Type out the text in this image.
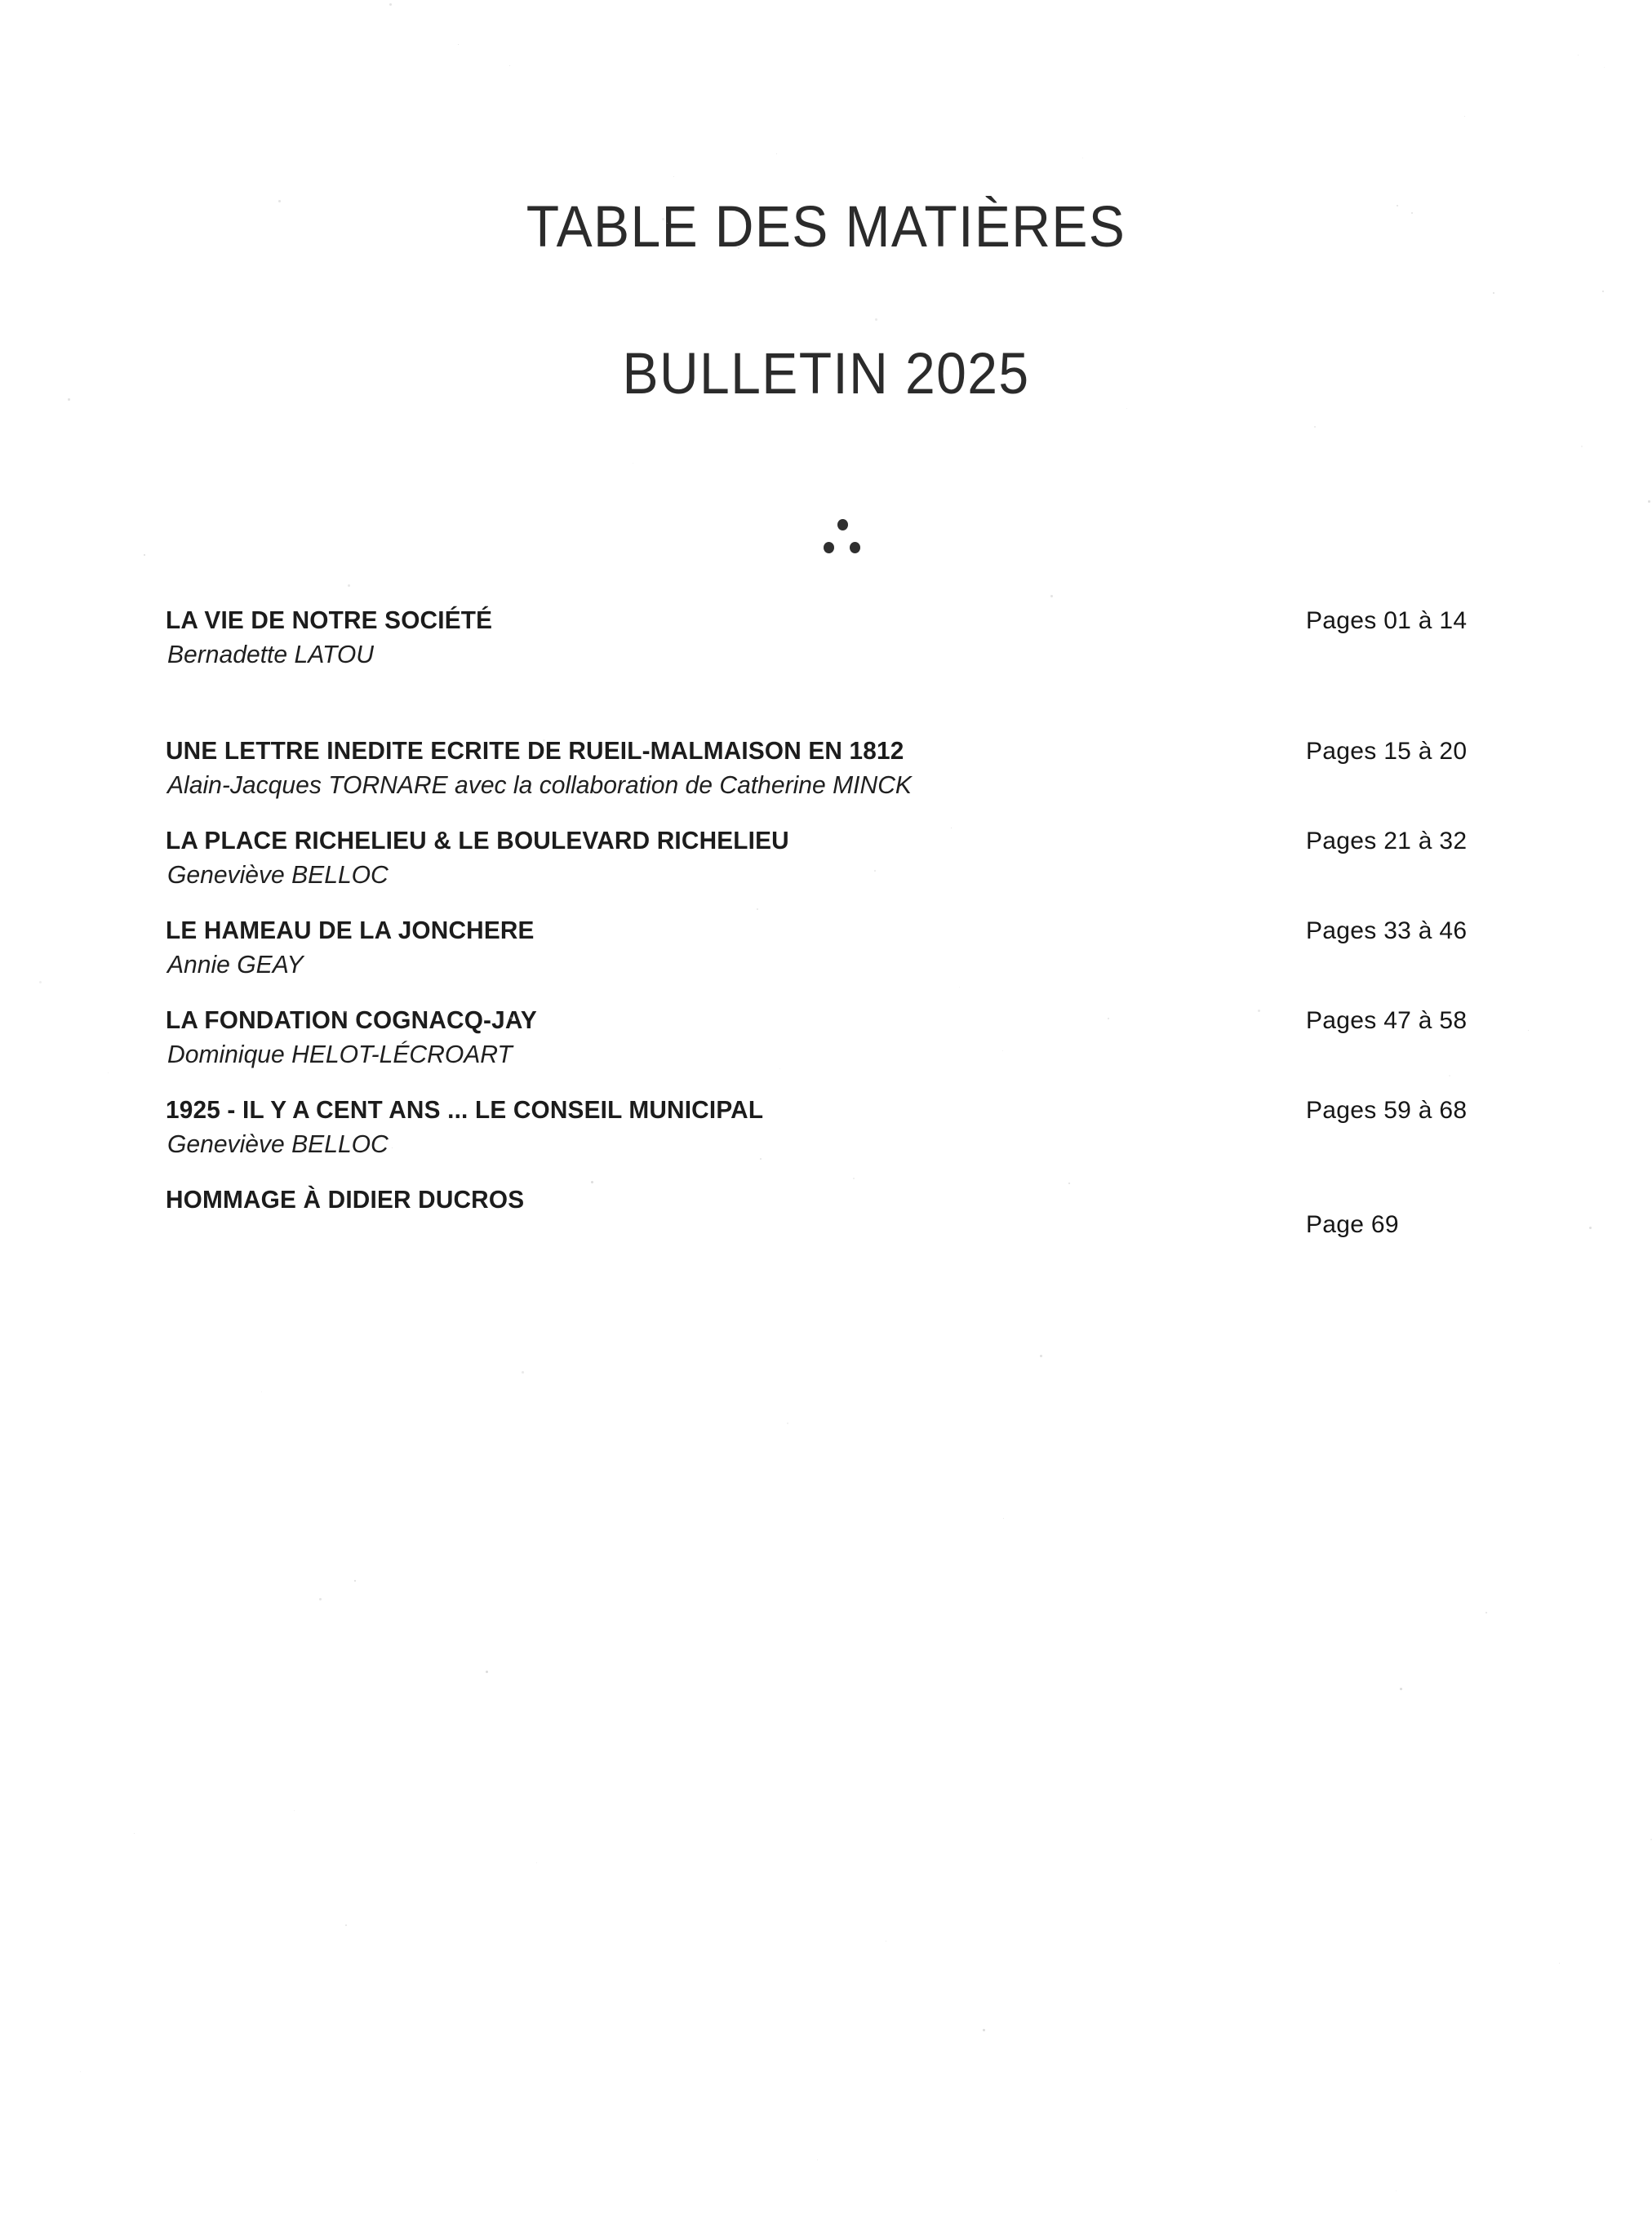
TABLE DES MATIÈRES
BULLETIN 2025
LA VIE DE NOTRE SOCIÉTÉ
Bernadette LATOU
Pages 01 à 14
UNE LETTRE INEDITE ECRITE DE RUEIL-MALMAISON EN 1812
Alain-Jacques TORNARE avec la collaboration de Catherine MINCK
Pages 15 à 20
LA PLACE RICHELIEU & LE BOULEVARD RICHELIEU
Geneviève BELLOC
Pages 21 à 32
LE HAMEAU DE LA JONCHERE
Annie GEAY
Pages 33 à 46
LA FONDATION COGNACQ-JAY
Dominique HELOT-LÉCROART
Pages 47 à 58
1925 - IL Y A CENT ANS ... LE CONSEIL MUNICIPAL
Geneviève BELLOC
Pages 59 à 68
HOMMAGE À DIDIER DUCROS
Page 69
